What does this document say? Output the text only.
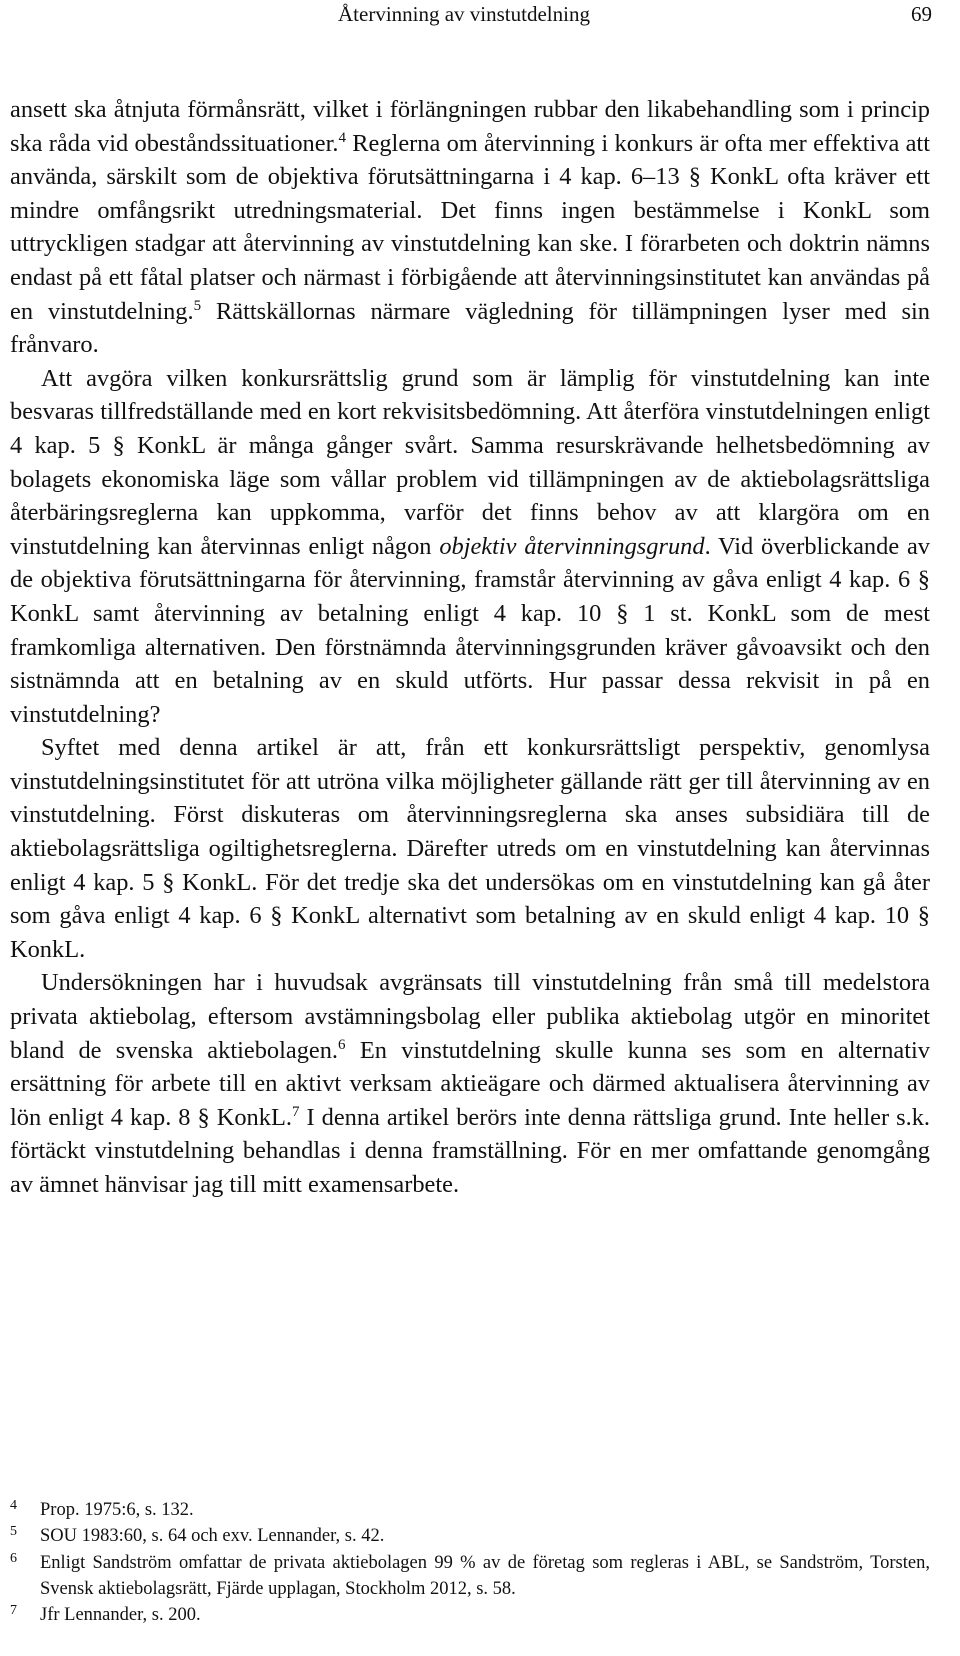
Återvinning av vinstutdelning	69

ansett ska åtnjuta förmånsrätt, vilket i förlängningen rubbar den likabehandling som i princip ska råda vid obeståndssituationer.$^4$ Reglerna om återvinning i konkurs är ofta mer effektiva att använda, särskilt som de objektiva förutsättningarna i 4 kap. 6–13 § KonkL ofta kräver ett mindre omfångsrikt utredningsmaterial. Det finns ingen bestämmelse i KonkL som uttryckligen stadgar att återvinning av vinstutdelning kan ske. I förarbeten och doktrin nämns endast på ett fåtal platser och närmast i förbigående att återvinningsinstitutet kan användas på en vinstutdelning.$^5$ Rättskällornas närmare vägledning för tillämpningen lyser med sin frånvaro.

Att avgöra vilken konkursrättslig grund som är lämplig för vinstutdelning kan inte besvaras tillfredställande med en kort rekvisitsbedömning. Att återföra vinstutdelningen enligt 4 kap. 5 § KonkL är många gånger svårt. Samma resurskrävande helhetsbedömning av bolagets ekonomiska läge som vållar problem vid tillämpningen av de aktiebolagsrättsliga återbäringsreglerna kan uppkomma, varför det finns behov av att klargöra om en vinstutdelning kan återvinnas enligt någon objektiv återvinningsgrund. Vid överblickande av de objektiva förutsättningarna för återvinning, framstår återvinning av gåva enligt 4 kap. 6 § KonkL samt återvinning av betalning enligt 4 kap. 10 § 1 st. KonkL som de mest framkomliga alternativen. Den förstnämnda återvinningsgrunden kräver gåvoavsikt och den sistnämnda att en betalning av en skuld utförts. Hur passar dessa rekvisit in på en vinstutdelning?

Syftet med denna artikel är att, från ett konkursrättsligt perspektiv, genomlysa vinstutdelningsinstitutet för att utröna vilka möjligheter gällande rätt ger till återvinning av en vinstutdelning. Först diskuteras om återvinningsreglerna ska anses subsidiära till de aktiebolagsrättsliga ogiltighetsreglerna. Därefter utreds om en vinstutdelning kan återvinnas enligt 4 kap. 5 § KonkL. För det tredje ska det undersökas om en vinstutdelning kan gå åter som gåva enligt 4 kap. 6 § KonkL alternativt som betalning av en skuld enligt 4 kap. 10 § KonkL.

Undersökningen har i huvudsak avgränsats till vinstutdelning från små till medelstora privata aktiebolag, eftersom avstämningsbolag eller publika aktiebolag utgör en minoritet bland de svenska aktiebolagen.$^6$ En vinstutdelning skulle kunna ses som en alternativ ersättning för arbete till en aktivt verksam aktieägare och därmed aktualisera återvinning av lön enligt 4 kap. 8 § KonkL.$^7$ I denna artikel berörs inte denna rättsliga grund. Inte heller s.k. förtäckt vinstutdelning behandlas i denna framställning. För en mer omfattande genomgång av ämnet hänvisar jag till mitt examensarbete.

4 Prop. 1975:6, s. 132.
5 SOU 1983:60, s. 64 och exv. Lennander, s. 42.
6 Enligt Sandström omfattar de privata aktiebolagen 99 % av de företag som regleras i ABL, se Sandström, Torsten, Svensk aktiebolagsrätt, Fjärde upplagan, Stockholm 2012, s. 58.
7 Jfr Lennander, s. 200.
